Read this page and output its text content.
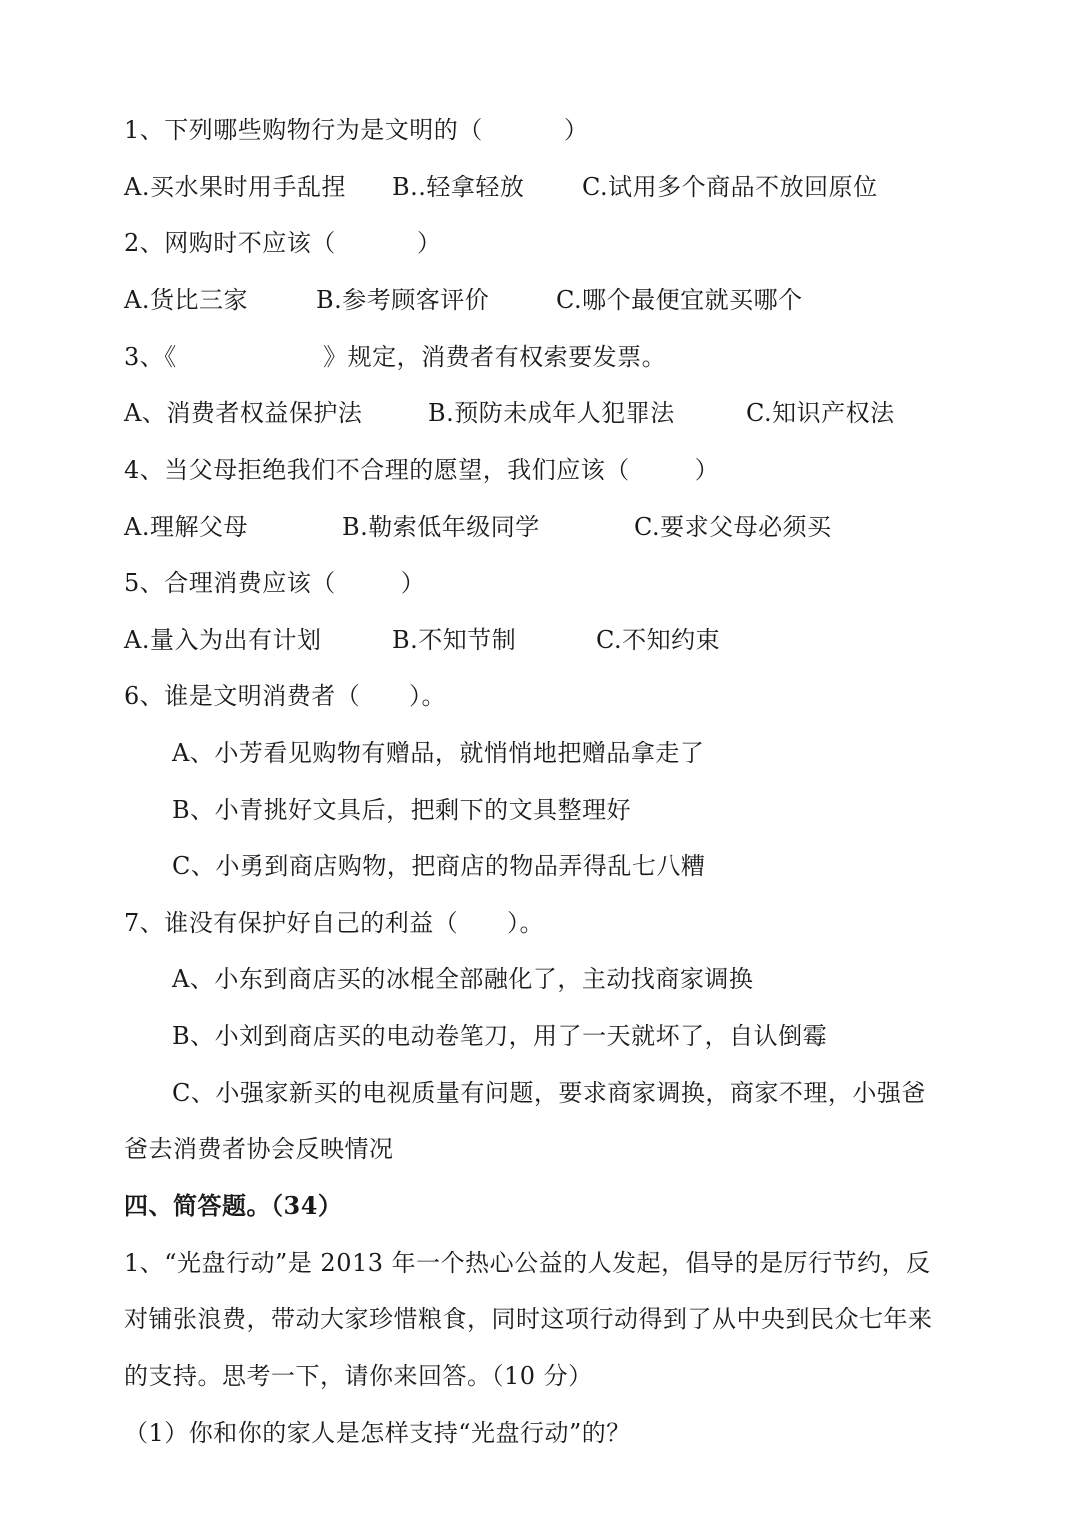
1、下列哪些购物行为是文明的（          ）
A.买水果时用手乱捏 B..轻拿轻放 C.试用多个商品不放回原位
2、网购时不应该（          ）
A.货比三家	B.参考顾客评价	C.哪个最便宜就买哪个
3、《                  》规定，消费者有权索要发票。
A、消费者权益保护法	B.预防未成年人犯罪法	C.知识产权法
4、当父母拒绝我们不合理的愿望，我们应该（        ）
A.理解父母	B.勒索低年级同学	C.要求父母必须买
5、合理消费应该（        ）
A.量入为出有计划	B.不知节制	C.不知约束
6、谁是文明消费者（      ）。
A、小芳看见购物有赠品，就悄悄地把赠品拿走了
B、小青挑好文具后，把剩下的文具整理好
C、小勇到商店购物，把商店的物品弄得乱七八糟
7、谁没有保护好自己的利益（      ）。
A、小东到商店买的冰棍全部融化了，主动找商家调换
B、小刘到商店买的电动卷笔刀，用了一天就坏了，自认倒霉
C、小强家新买的电视质量有问题，要求商家调换，商家不理，小强爸
爸去消费者协会反映情况
四、简答题。（34）
1、“光盘行动”是 2013 年一个热心公益的人发起，倡导的是厉行节约，反
对铺张浪费，带动大家珍惜粮食，同时这项行动得到了从中央到民众七年来
的支持。思考一下，请你来回答。（10 分）
（1）你和你的家人是怎样支持“光盘行动”的？
